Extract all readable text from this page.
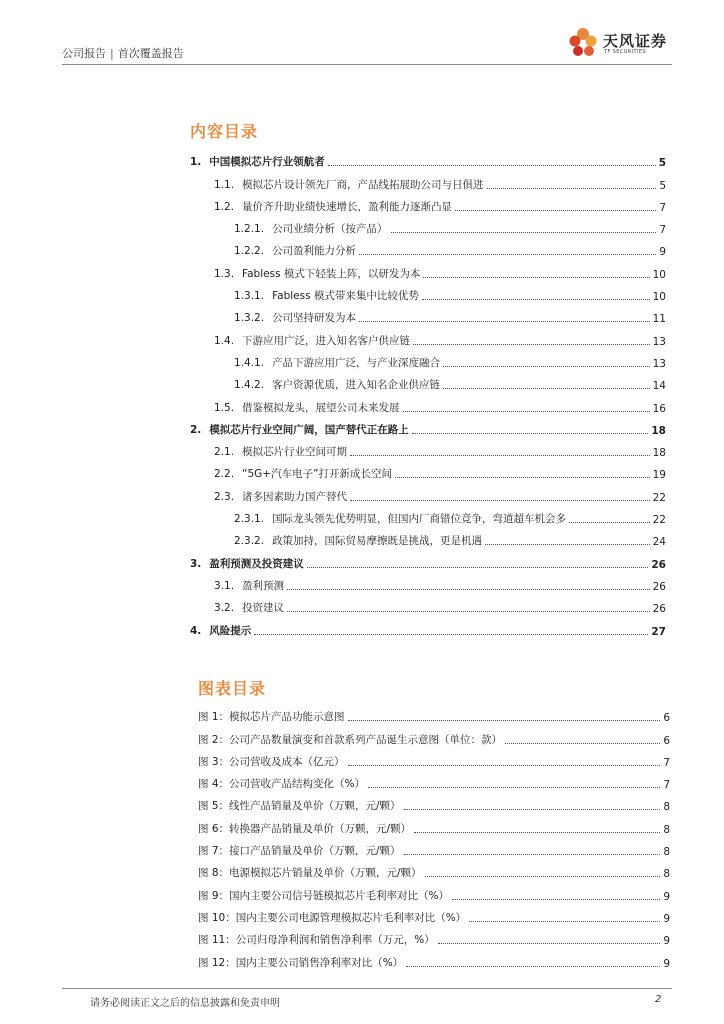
公司报告 | 首次覆盖报告
天风证券
TF SECURITIES
内容目录
1. 中国模拟芯片行业领航者	5
1.1. 模拟芯片设计领先厂商，产品线拓展助公司与日俱进	5
1.2. 量价齐升助业绩快速增长，盈利能力逐渐凸显	7
1.2.1. 公司业绩分析（按产品）	7
1.2.2. 公司盈利能力分析	9
1.3. Fabless 模式下轻装上阵，以研发为本	10
1.3.1. Fabless 模式带来集中比较优势	10
1.3.2. 公司坚持研发为本	11
1.4. 下游应用广泛，进入知名客户供应链	13
1.4.1. 产品下游应用广泛，与产业深度融合	13
1.4.2. 客户资源优质，进入知名企业供应链	14
1.5. 借鉴模拟龙头，展望公司未来发展	16
2. 模拟芯片行业空间广阔，国产替代正在路上	18
2.1. 模拟芯片行业空间可期	18
2.2. “5G+汽车电子”打开新成长空间	19
2.3. 诸多因素助力国产替代	22
2.3.1. 国际龙头领先优势明显，但国内厂商错位竞争，弯道超车机会多	22
2.3.2. 政策加持，国际贸易摩擦既是挑战，更是机遇	24
3. 盈利预测及投资建议	26
3.1. 盈利预测	26
3.2. 投资建议	26
4. 风险提示	27
图表目录
图 1：模拟芯片产品功能示意图	6
图 2：公司产品数量演变和首款系列产品诞生示意图（单位：款）	6
图 3：公司营收及成本（亿元）	7
图 4：公司营收产品结构变化（%）	7
图 5：线性产品销量及单价（万颗，元/颗）	8
图 6：转换器产品销量及单价（万颗，元/颗）	8
图 7：接口产品销量及单价（万颗，元/颗）	8
图 8：电源模拟芯片销量及单价（万颗，元/颗）	8
图 9：国内主要公司信号链模拟芯片毛利率对比（%）	9
图 10：国内主要公司电源管理模拟芯片毛利率对比（%）	9
图 11：公司归母净利润和销售净利率（万元，%）	9
图 12：国内主要公司销售净利率对比（%）	9
请务必阅读正文之后的信息披露和免责申明	2
